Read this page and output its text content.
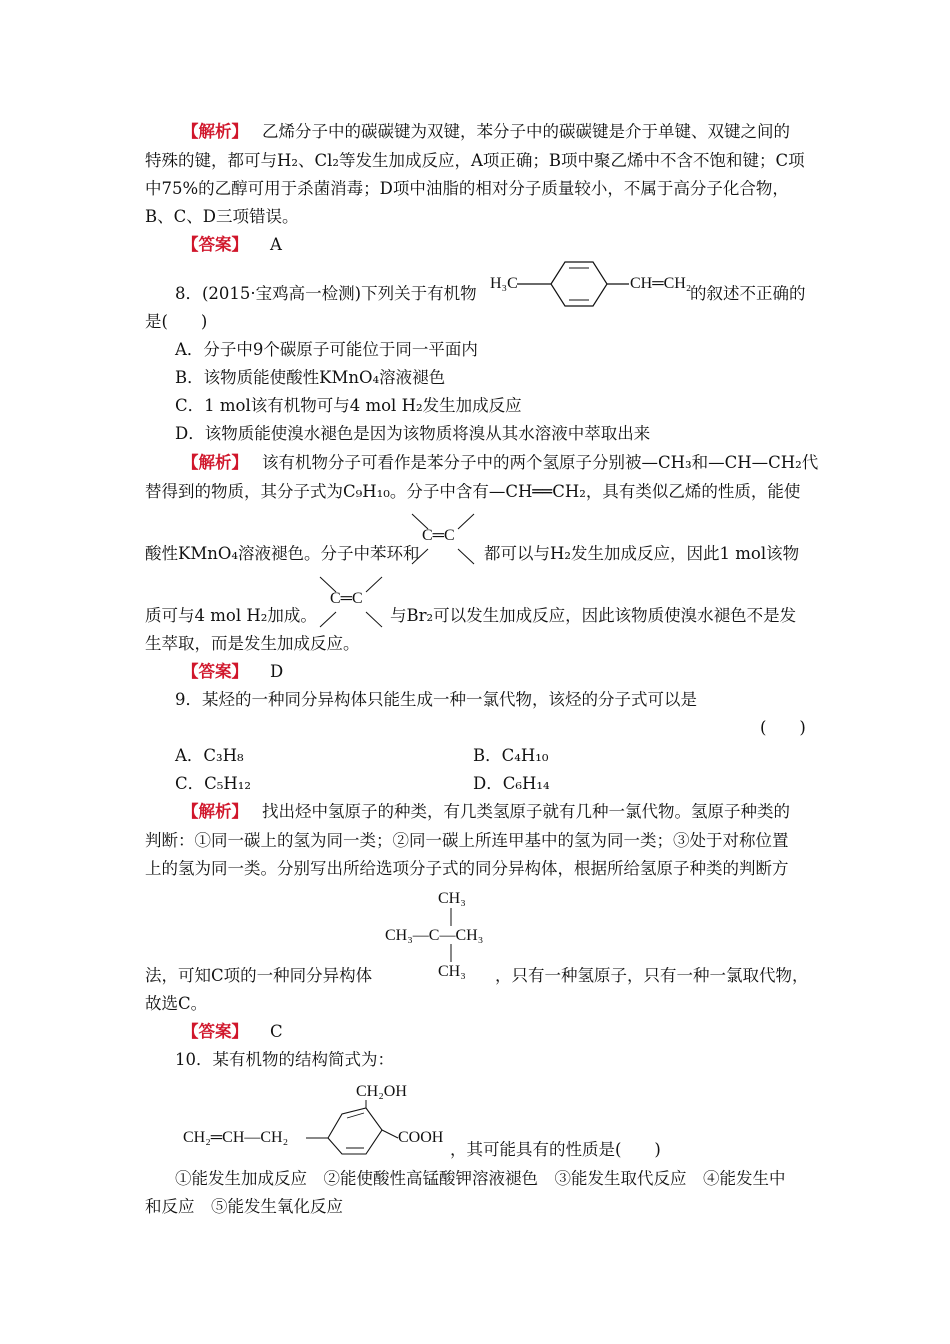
【解析】 乙烯分子中的碳碳键为双键，苯分子中的碳碳键是介于单键、双键之间的
特殊的键，都可与H₂、Cl₂等发生加成反应，A项正确；B项中聚乙烯中不含不饱和键；C项
中75%的乙醇可用于杀菌消毒；D项中油脂的相对分子质量较小，不属于高分子化合物，
B、C、D三项错误。
【答案】 A
8．(2015·宝鸡高一检测)下列关于有机物
H₃C	CH═CH₂
的叙述不正确的
是(　　)
A．分子中9个碳原子可能位于同一平面内
B．该物质能使酸性KMnO₄溶液褪色
C．1 mol该有机物可与4 mol H₂发生加成反应
D．该物质能使溴水褪色是因为该物质将溴从其水溶液中萃取出来
【解析】 该有机物分子可看作是苯分子中的两个氢原子分别被—CH₃和—CH—CH₂代
替得到的物质，其分子式为C₉H₁₀。分子中含有—CH══CH₂，具有类似乙烯的性质，能使
C═C
酸性KMnO₄溶液褪色。分子中苯环和	都可以与H₂发生加成反应，因此1 mol该物
C═C
质可与4 mol H₂加成。	与Br₂可以发生加成反应，因此该物质使溴水褪色不是发
生萃取，而是发生加成反应。
【答案】 D
9．某烃的一种同分异构体只能生成一种一氯代物，该烃的分子式可以是
(　　)
A．C₃H₈	B．C₄H₁₀
C．C₅H₁₂	D．C₆H₁₄
【解析】 找出烃中氢原子的种类，有几类氢原子就有几种一氯代物。氢原子种类的
判断：①同一碳上的氢为同一类；②同一碳上所连甲基中的氢为同一类；③处于对称位置
上的氢为同一类。分别写出所给选项分子式的同分异构体，根据所给氢原子种类的判断方
CH₃
CH₃—C—CH₃
CH₃
法，可知C项的一种同分异构体	，只有一种氢原子，只有一种一氯取代物，
故选C。
【答案】 C
10．某有机物的结构简式为：
CH₂OH
CH₂═CH—CH₂	COOH
，其可能具有的性质是(　　)
①能发生加成反应　②能使酸性高锰酸钾溶液褪色　③能发生取代反应　④能发生中
和反应　⑤能发生氧化反应
